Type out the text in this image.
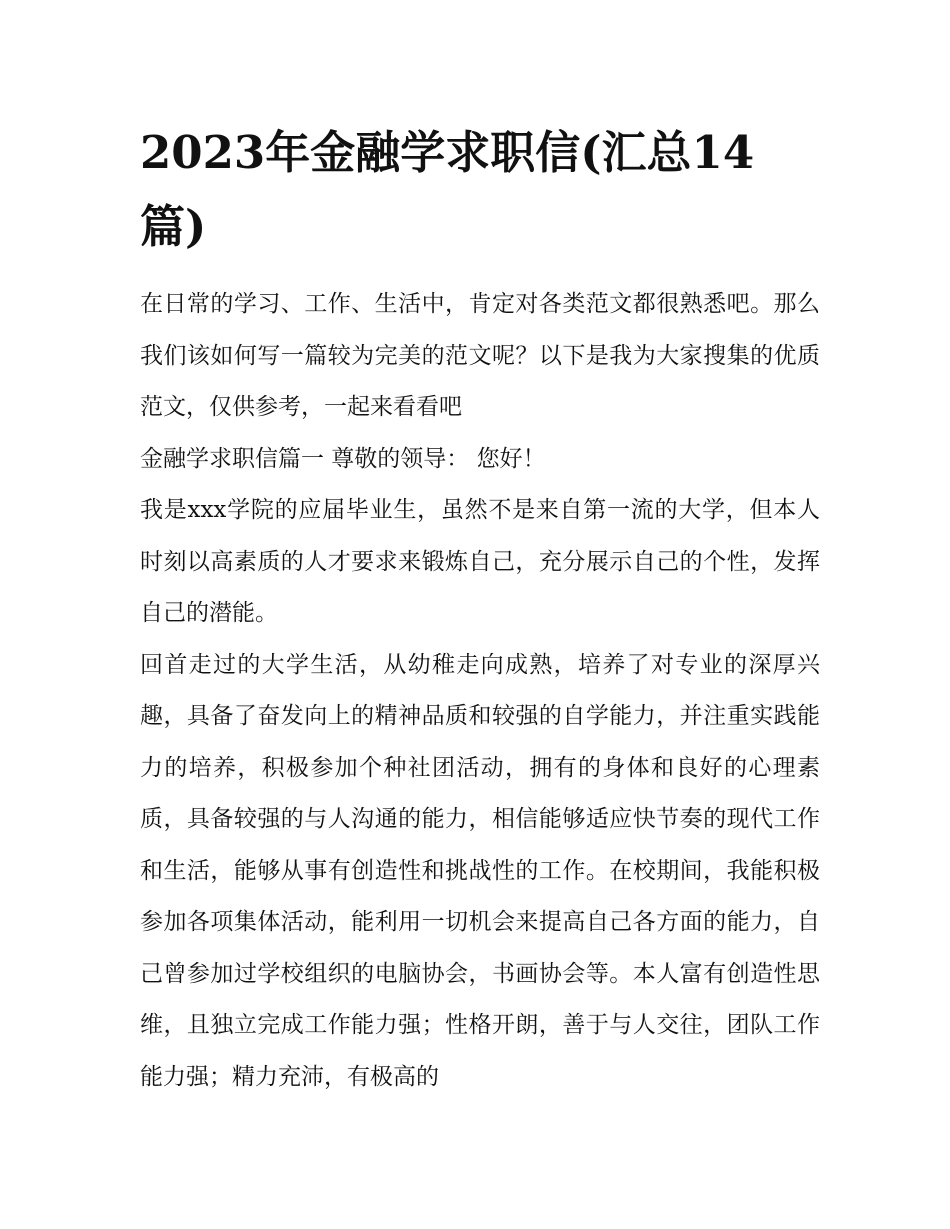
2023年金融学求职信(汇总14篇)

在日常的学习、工作、生活中，肯定对各类范文都很熟悉吧。那么我们该如何写一篇较为完美的范文呢？以下是我为大家搜集的优质范文，仅供参考，一起来看看吧

金融学求职信篇一 尊敬的领导： 您好！

我是xxx学院的应届毕业生，虽然不是来自第一流的大学，但本人时刻以高素质的人才要求来锻炼自己，充分展示自己的个性，发挥自己的潜能。

回首走过的大学生活，从幼稚走向成熟，培养了对专业的深厚兴趣，具备了奋发向上的精神品质和较强的自学能力，并注重实践能力的培养，积极参加个种社团活动，拥有的身体和良好的心理素质，具备较强的与人沟通的能力，相信能够适应快节奏的现代工作和生活，能够从事有创造性和挑战性的工作。在校期间，我能积极参加各项集体活动，能利用一切机会来提高自己各方面的能力，自己曾参加过学校组织的电脑协会，书画协会等。本人富有创造性思维，且独立完成工作能力强；性格开朗，善于与人交往，团队工作能力强；精力充沛，有极高的
